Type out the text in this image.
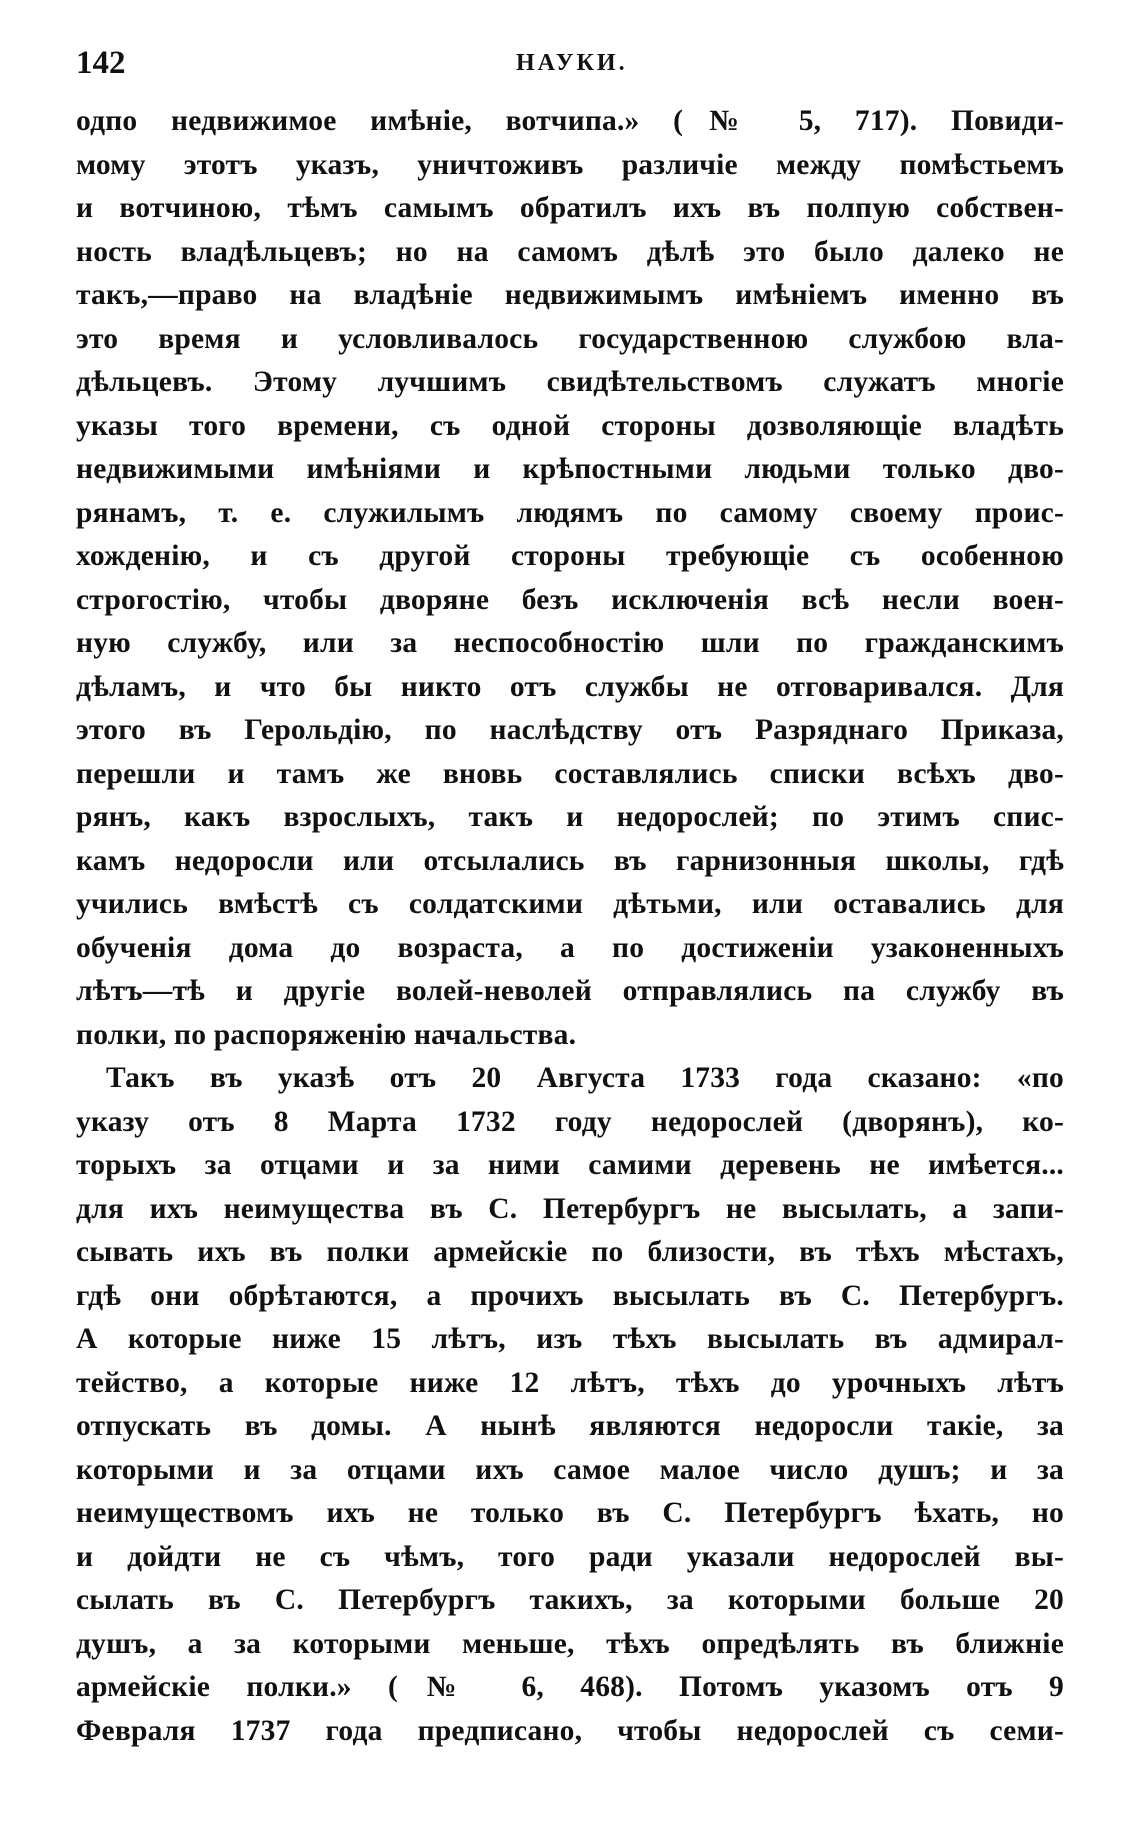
142	НАУКИ.
одпо недвижимое имѣніе, вотчипа.» (№ 5, 717). Повиди-
мому этотъ указъ, уничтоживъ различіе между помѣстьемъ
и вотчиною, тѣмъ самымъ обратилъ ихъ въ полпую собствен-
ность владѣльцевъ; но на самомъ дѣлѣ это было далеко не
такъ,—право на владѣніе недвижимымъ имѣніемъ именно въ
это время и условливалось государственною службою вла-
дѣльцевъ. Этому лучшимъ свидѣтельствомъ служатъ многіе
указы того времени, съ одной стороны дозволяющіе владѣть
недвижимыми имѣніями и крѣпостными людьми только дво-
рянамъ, т. е. служилымъ людямъ по самому своему проис-
хожденію, и съ другой стороны требующіе съ особенною
строгостію, чтобы дворяне безъ исключенія всѣ несли воен-
ную службу, или за неспособностію шли по гражданскимъ
дѣламъ, и что бы никто отъ службы не отговаривался. Для
этого въ Герольдію, по наслѣдству отъ Разряднаго Приказа,
перешли и тамъ же вновь составлялись списки всѣхъ дво-
рянъ, какъ взрослыхъ, такъ и недорослей; по этимъ спис-
камъ недоросли или отсылались въ гарнизонныя школы, гдѣ
учились вмѣстѣ съ солдатскими дѣтьми, или оставались для
обученія дома до возраста, а по достиженіи узаконенныхъ
лѣтъ—тѣ и другіе волей-неволей отправлялись па службу въ
полки, по распоряженію начальства.
Такъ въ указѣ отъ 20 Августа 1733 года сказано: «по
указу отъ 8 Марта 1732 году недорослей (дворянъ), ко-
торыхъ за отцами и за ними самими деревень не имѣется...
для ихъ неимущества въ С. Петербургъ не высылать, а запи-
сывать ихъ въ полки армейскіе по близости, въ тѣхъ мѣстахъ,
гдѣ они обрѣтаются, а прочихъ высылать въ С. Петербургъ.
А которые ниже 15 лѣтъ, изъ тѣхъ высылать въ адмирал-
тейство, а которые ниже 12 лѣтъ, тѣхъ до урочныхъ лѣтъ
отпускать въ домы. А нынѣ являются недоросли такіе, за
которыми и за отцами ихъ самое малое число душъ; и за
неимуществомъ ихъ не только въ С. Петербургъ ѣхать, но
и дойдти не съ чѣмъ, того ради указали недорослей вы-
сылать въ С. Петербургъ такихъ, за которыми больше 20
душъ, а за которыми меньше, тѣхъ опредѣлять въ ближніе
армейскіе полки.» (№ 6, 468). Потомъ указомъ отъ 9
Февраля 1737 года предписано, чтобы недорослей съ семи-
